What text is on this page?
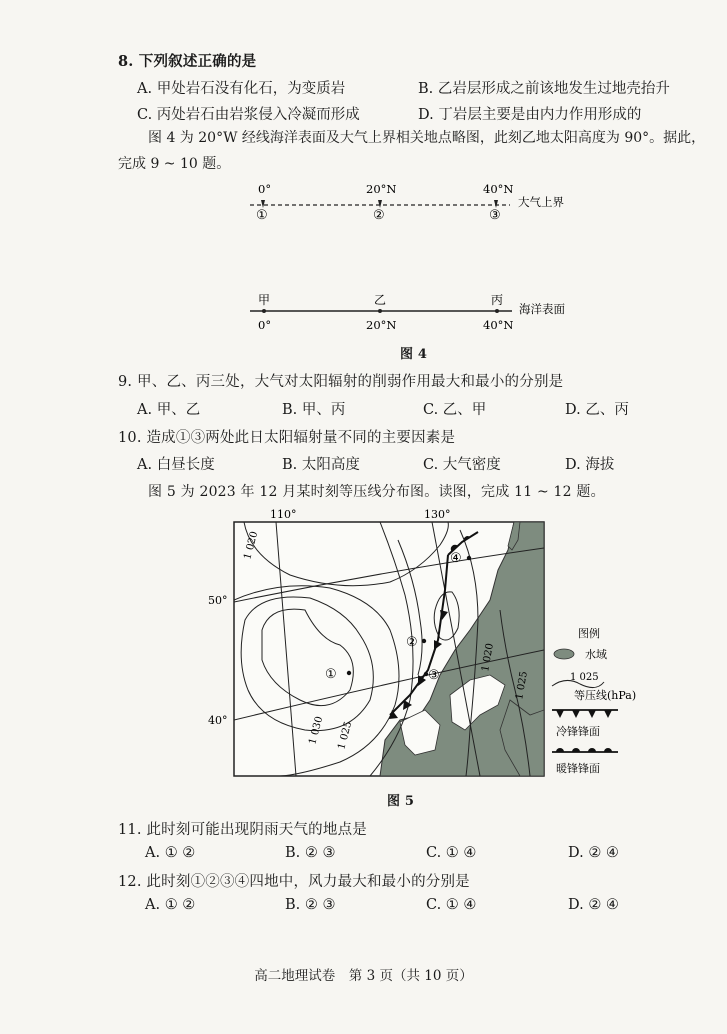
8. 下列叙述正确的是
A. 甲处岩石没有化石，为变质岩	B. 乙岩层形成之前该地发生过地壳抬升
C. 丙处岩石由岩浆侵入冷凝而形成	D. 丁岩层主要是由内力作用形成的
图 4 为 20°W 经线海洋表面及大气上界相关地点略图，此刻乙地太阳高度为 90°。据此，完成 9 ~ 10 题。
0°	20°N	40°N
①	②	③
大气上界
甲	乙	丙
0°	20°N	40°N
海洋表面
图 4
9. 甲、乙、丙三处，大气对太阳辐射的削弱作用最大和最小的分别是
A. 甲、乙	B. 甲、丙	C. 乙、甲	D. 乙、丙
10. 造成①③两处此日太阳辐射量不同的主要因素是
A. 白昼长度	B. 太阳高度	C. 大气密度	D. 海拔
图 5 为 2023 年 12 月某时刻等压线分布图。读图，完成 11 ~ 12 题。
110°	130°
50°
40°
1 020
1 030 1 025
1 020
1 025
①
②
③
④
图例
水域
1 025
等压线(hPa)
冷锋锋面
暖锋锋面
图 5
11. 此时刻可能出现阴雨天气的地点是
A. ① ②	B. ② ③	C. ① ④	D. ② ④
12. 此时刻①②③④四地中，风力最大和最小的分别是
A. ① ②	B. ② ③	C. ① ④	D. ② ④
高二地理试卷　第 3 页（共 10 页）
